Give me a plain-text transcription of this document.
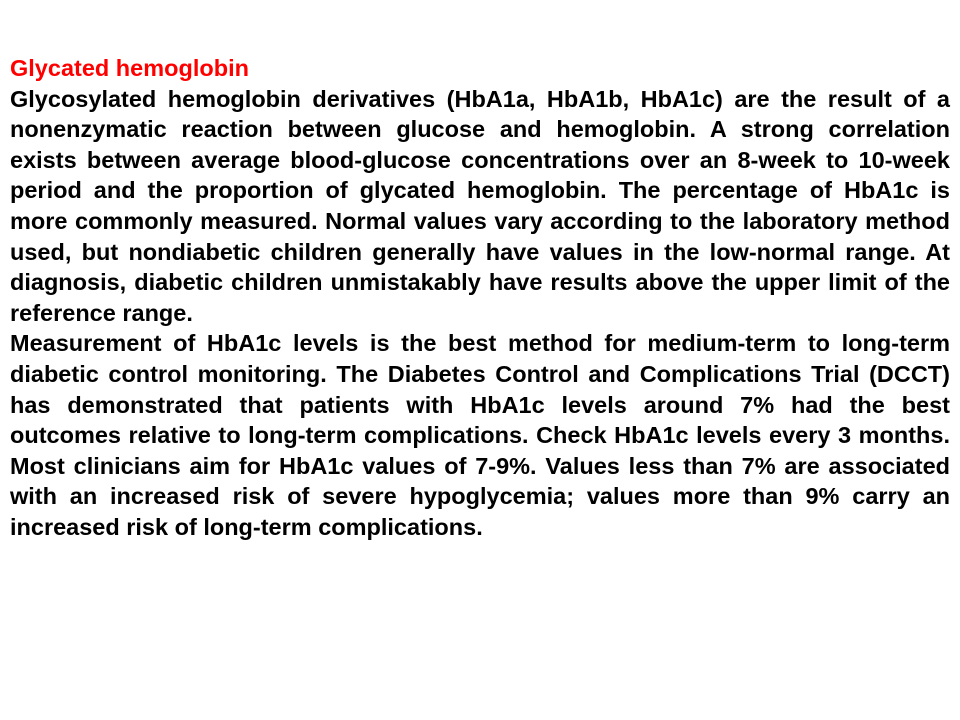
Glycated hemoglobin

Glycosylated hemoglobin derivatives (HbA1a, HbA1b, HbA1c) are the result of a nonenzymatic reaction between glucose and hemoglobin. A strong correlation exists between average blood-glucose concentrations over an 8-week to 10-week period and the proportion of glycated hemoglobin. The percentage of HbA1c is more commonly measured. Normal values vary according to the laboratory method used, but nondiabetic children generally have values in the low-normal range. At diagnosis, diabetic children unmistakably have results above the upper limit of the reference range.

Measurement of HbA1c levels is the best method for medium-term to long-term diabetic control monitoring. The Diabetes Control and Complications Trial (DCCT) has demonstrated that patients with HbA1c levels around 7% had the best outcomes relative to long-term complications. Check HbA1c levels every 3 months. Most clinicians aim for HbA1c values of 7-9%. Values less than 7% are associated with an increased risk of severe hypoglycemia; values more than 9% carry an increased risk of long-term complications.
